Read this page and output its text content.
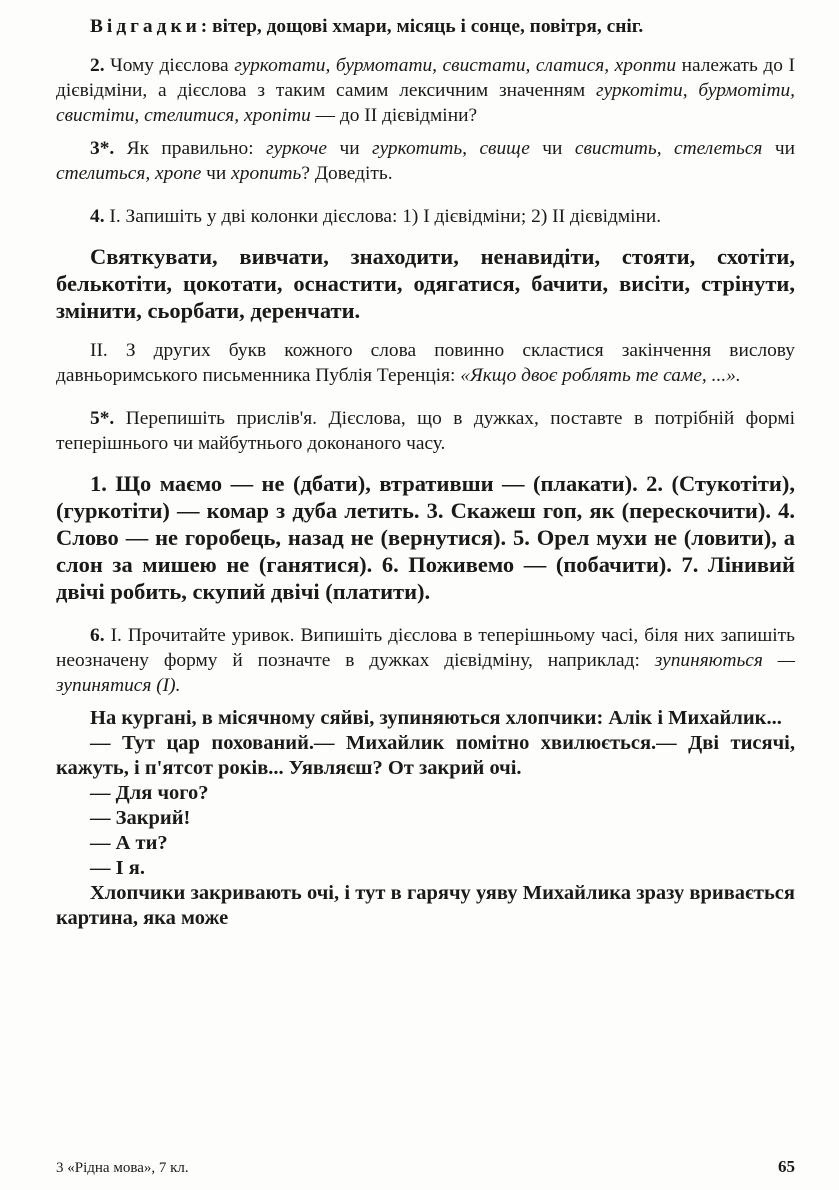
Відгадки: вітер, дощові хмари, місяць і сонце, повітря, сніг.

2. Чому дієслова гуркотати, бурмотати, свистати, слатися, хропти належать до І дієвідміни, а дієслова з таким самим лексичним значенням гуркотіти, бурмотіти, свистіти, стелитися, хропіти — до ІІ дієвідміни?

3*. Як правильно: гуркоче чи гуркотить, свище чи свистить, стелеться чи стелиться, хропе чи хропить? Доведіть.

4. І. Запишіть у дві колонки дієслова: 1) І дієвідміни; 2) ІІ дієвідміни.

Святкувати, вивчати, знаходити, ненавидіти, стояти, схотіти, белькотіти, цокотати, оснастити, одягатися, бачити, висіти, стрінути, змінити, сьорбати, деренчати.

ІІ. З других букв кожного слова повинно скластися закінчення вислову давньоримського письменника Публія Теренція: «Якщо двоє роблять те саме, ...».

5*. Перепишіть прислів'я. Дієслова, що в дужках, поставте в потрібній формі теперішнього чи майбутнього доконаного часу.

1. Що маємо — не (дбати), втративши — (плакати). 2. (Стукотіти), (гуркотіти) — комар з дуба летить. 3. Скажеш гоп, як (перескочити). 4. Слово — не горобець, назад не (вернутися). 5. Орел мухи не (ловити), а слон за мишею не (ганятися). 6. Поживемо — (побачити). 7. Лінивий двічі робить, скупий двічі (платити).

6. І. Прочитайте уривок. Випишіть дієслова в теперішньому часі, біля них запишіть неозначену форму й позначте в дужках дієвідміну, наприклад: зупиняються — зупинятися (І).

На кургані, в місячному сяйві, зупиняються хлопчики: Алік і Михайлик...

— Тут цар похований.— Михайлик помітно хвилюється.— Дві тисячі, кажуть, і п'ятсот років... Уявляєш? От закрий очі.

— Для чого?

— Закрий!

— А ти?

— І я.

Хлопчики закривають очі, і тут в гарячу уяву Михайлика зразу вривається картина, яка може

3 «Рідна мова», 7 кл.	65
